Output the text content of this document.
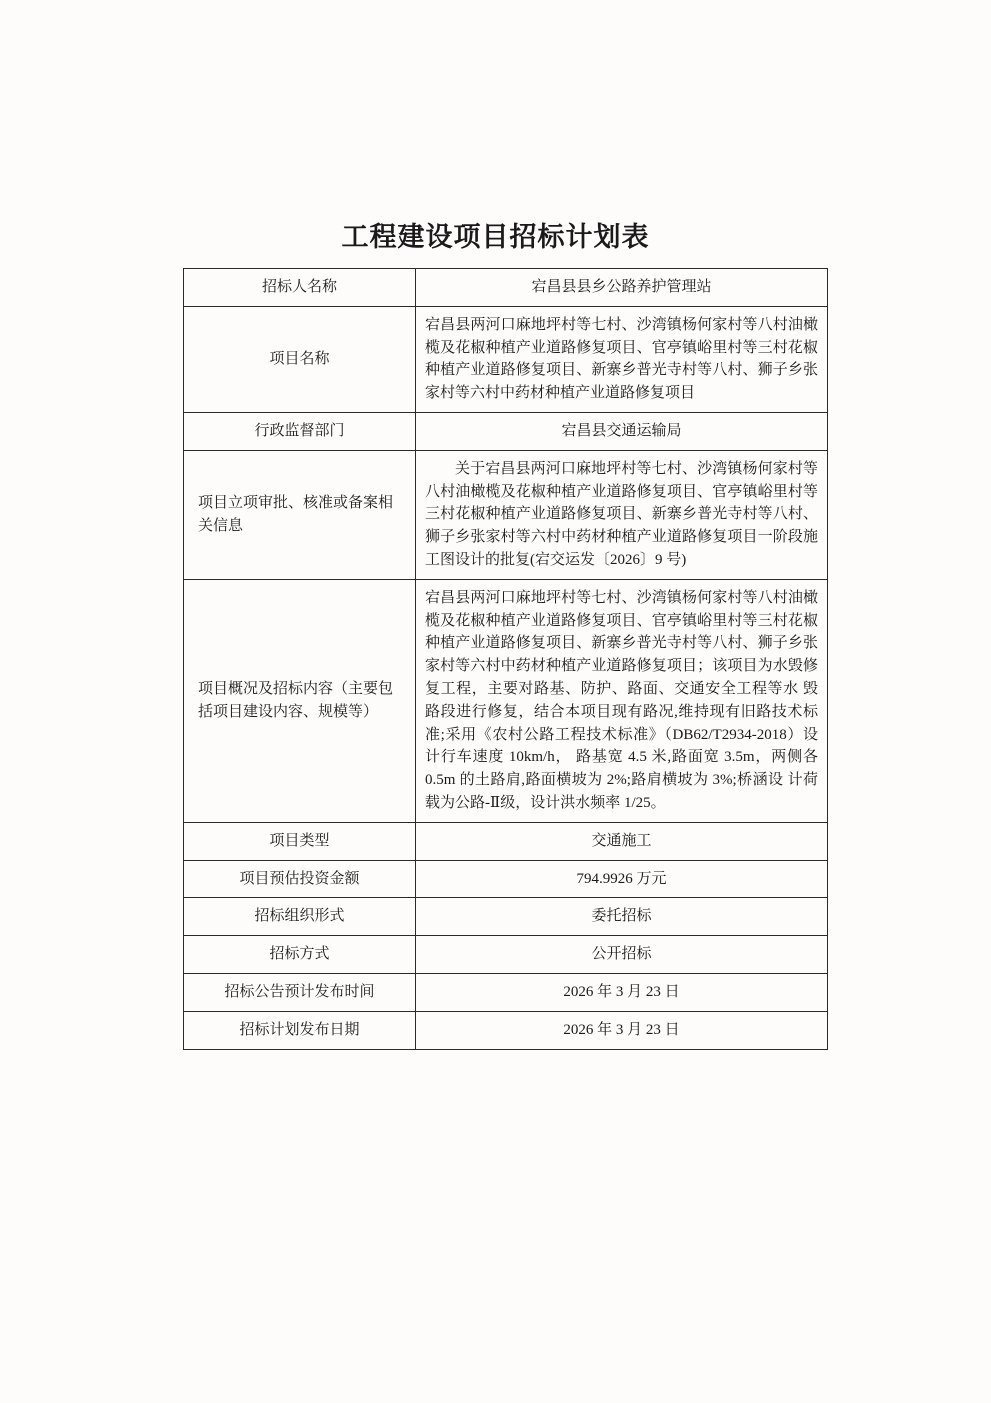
工程建设项目招标计划表
招标人名称	宕昌县县乡公路养护管理站
项目名称	宕昌县两河口麻地坪村等七村、沙湾镇杨何家村等八村油橄榄及花椒种植产业道路修复项目、官亭镇峪里村等三村花椒种植产业道路修复项目、新寨乡普光寺村等八村、狮子乡张家村等六村中药材种植产业道路修复项目
行政监督部门	宕昌县交通运输局
项目立项审批、核准或备案相关信息	关于宕昌县两河口麻地坪村等七村、沙湾镇杨何家村等八村油橄榄及花椒种植产业道路修复项目、官亭镇峪里村等三村花椒种植产业道路修复项目、新寨乡普光寺村等八村、狮子乡张家村等六村中药材种植产业道路修复项目一阶段施工图设计的批复(宕交运发〔2026〕9 号)
项目概况及招标内容（主要包括项目建设内容、规模等）	宕昌县两河口麻地坪村等七村、沙湾镇杨何家村等八村油橄榄及花椒种植产业道路修复项目、官亭镇峪里村等三村花椒种植产业道路修复项目、新寨乡普光寺村等八村、狮子乡张家村等六村中药材种植产业道路修复项目；该项目为水毁修复工程，主要对路基、防护、路面、交通安全工程等水 毁路段进行修复，结合本项目现有路况,维持现有旧路技术标准;采用《农村公路工程技术标准》（DB62/T2934-2018）设计行车速度 10km/h， 路基宽 4.5 米,路面宽 3.5m，两侧各 0.5m 的土路肩,路面横坡为 2%;路肩横坡为 3%;桥涵设 计荷载为公路-Ⅱ级，设计洪水频率 1/25。
项目类型	交通施工
项目预估投资金额	794.9926 万元
招标组织形式	委托招标
招标方式	公开招标
招标公告预计发布时间	2026 年 3 月 23 日
招标计划发布日期	2026 年 3 月 23 日
